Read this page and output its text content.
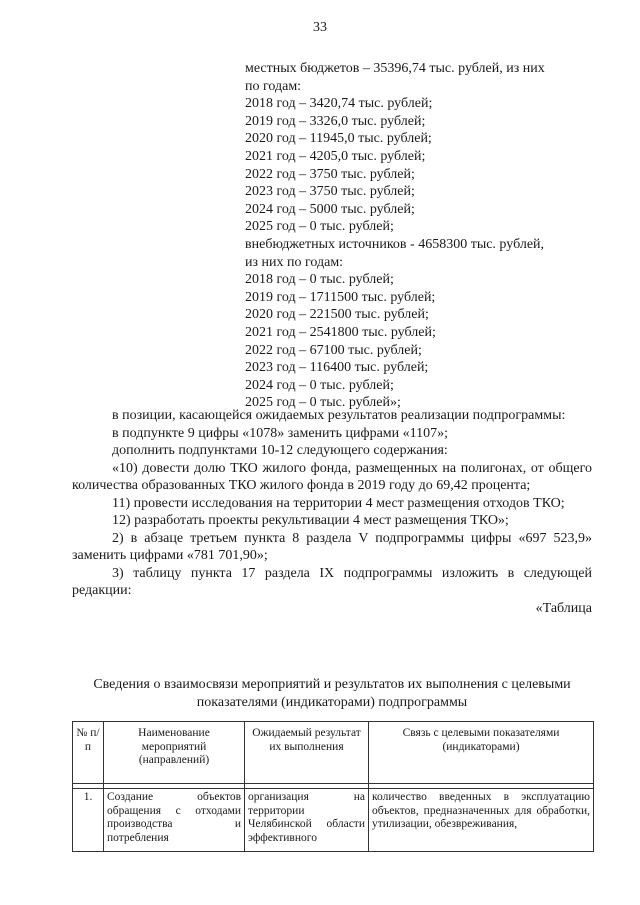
33
местных бюджетов – 35396,74 тыс. рублей, из них
по годам:
2018 год – 3420,74 тыс. рублей;
2019 год – 3326,0 тыс. рублей;
2020 год – 11945,0 тыс. рублей;
2021 год – 4205,0 тыс. рублей;
2022 год – 3750 тыс. рублей;
2023 год – 3750 тыс. рублей;
2024 год – 5000 тыс. рублей;
2025 год – 0 тыс. рублей;
внебюджетных источников - 4658300 тыс. рублей,
из них по годам:
2018 год – 0 тыс. рублей;
2019 год – 1711500 тыс. рублей;
2020 год – 221500 тыс. рублей;
2021 год – 2541800 тыс. рублей;
2022 год – 67100 тыс. рублей;
2023 год – 116400 тыс. рублей;
2024 год – 0 тыс. рублей;
2025 год – 0 тыс. рублей»;

в позиции, касающейся ожидаемых результатов реализации подпрограммы:

в подпункте 9 цифры «1078» заменить цифрами «1107»;

дополнить подпунктами 10-12 следующего содержания:

«10) довести долю ТКО жилого фонда, размещенных на полигонах, от общего количества образованных ТКО жилого фонда в 2019 году до 69,42 процента;

11) провести исследования на территории 4 мест размещения отходов ТКО;

12) разработать проекты рекультивации 4 мест размещения ТКО»;

2) в абзаце третьем пункта 8 раздела V подпрограммы цифры «697 523,9» заменить цифрами «781 701,90»;

3) таблицу пункта 17 раздела IX подпрограммы изложить в следующей редакции:

«Таблица

Сведения о взаимосвязи мероприятий и результатов их выполнения с целевыми показателями (индикаторами) подпрограммы
№ п/п	Наименование мероприятий (направлений)	Ожидаемый результат их выполнения	Связь с целевыми показателями (индикаторами)

1.	Создание объектов обращения с отходами производства и потребления	организация на территории Челябинской области эффективного	количество введенных в эксплуатацию объектов, предназначенных для обработки, утилизации, обезвреживания,
